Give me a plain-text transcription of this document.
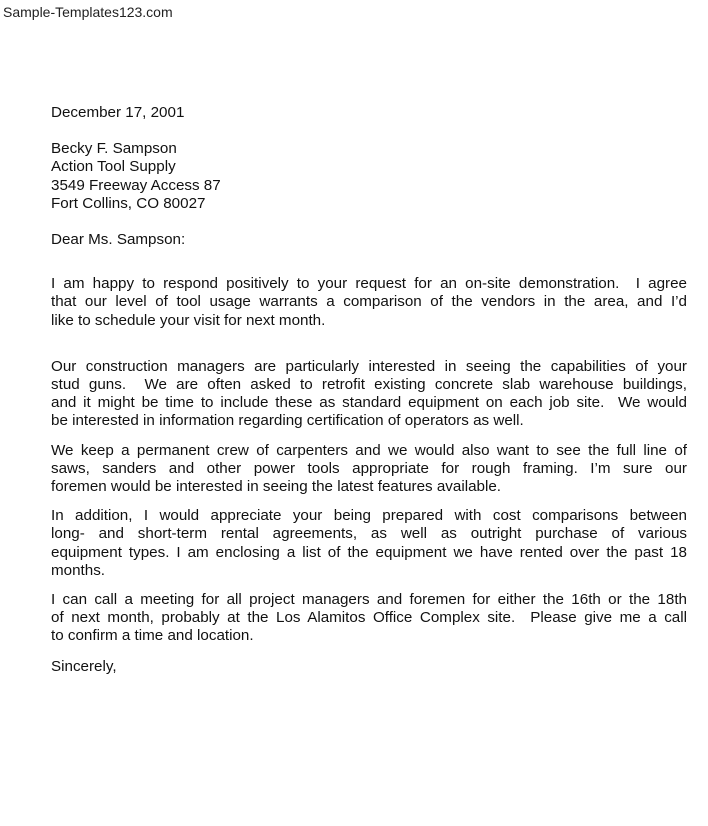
Sample-Templates123.com
December 17, 2001
Becky F. Sampson
Action Tool Supply
3549 Freeway Access 87
Fort Collins, CO 80027
Dear Ms. Sampson:
I am happy to respond positively to your request for an on-site demonstration.  I agree
that our level of tool usage warrants a comparison of the vendors in the area, and I’d
like to schedule your visit for next month.
Our construction managers are particularly interested in seeing the capabilities of your
stud guns.  We are often asked to retrofit existing concrete slab warehouse buildings,
and it might be time to include these as standard equipment on each job site.  We would
be interested in information regarding certification of operators as well.
We keep a permanent crew of carpenters and we would also want to see the full line of
saws, sanders and other power tools appropriate for rough framing. I’m sure our
foremen would be interested in seeing the latest features available.
In addition, I would appreciate your being prepared with cost comparisons between
long- and short-term rental agreements, as well as outright purchase of various
equipment types. I am enclosing a list of the equipment we have rented over the past 18
months.
I can call a meeting for all project managers and foremen for either the 16th or the 18th
of next month, probably at the Los Alamitos Office Complex site.  Please give me a call
to confirm a time and location.
Sincerely,
